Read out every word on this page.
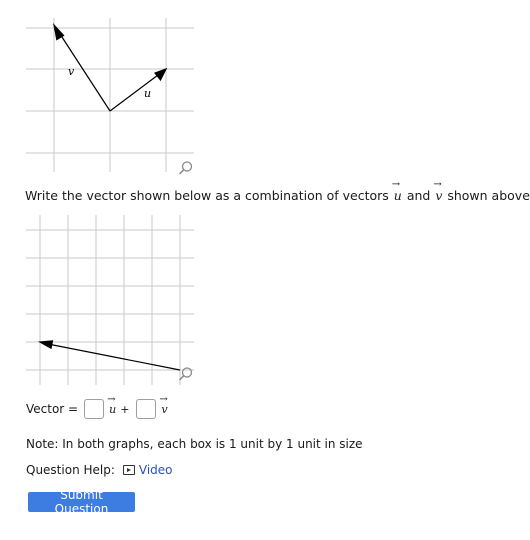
v
u
Write the vector shown below as a combination of vectors
→
u and
→
v shown above
Vector =
→
u +
→
v
Note: In both graphs, each box is 1 unit by 1 unit in size
Question Help: Video
Submit Question
